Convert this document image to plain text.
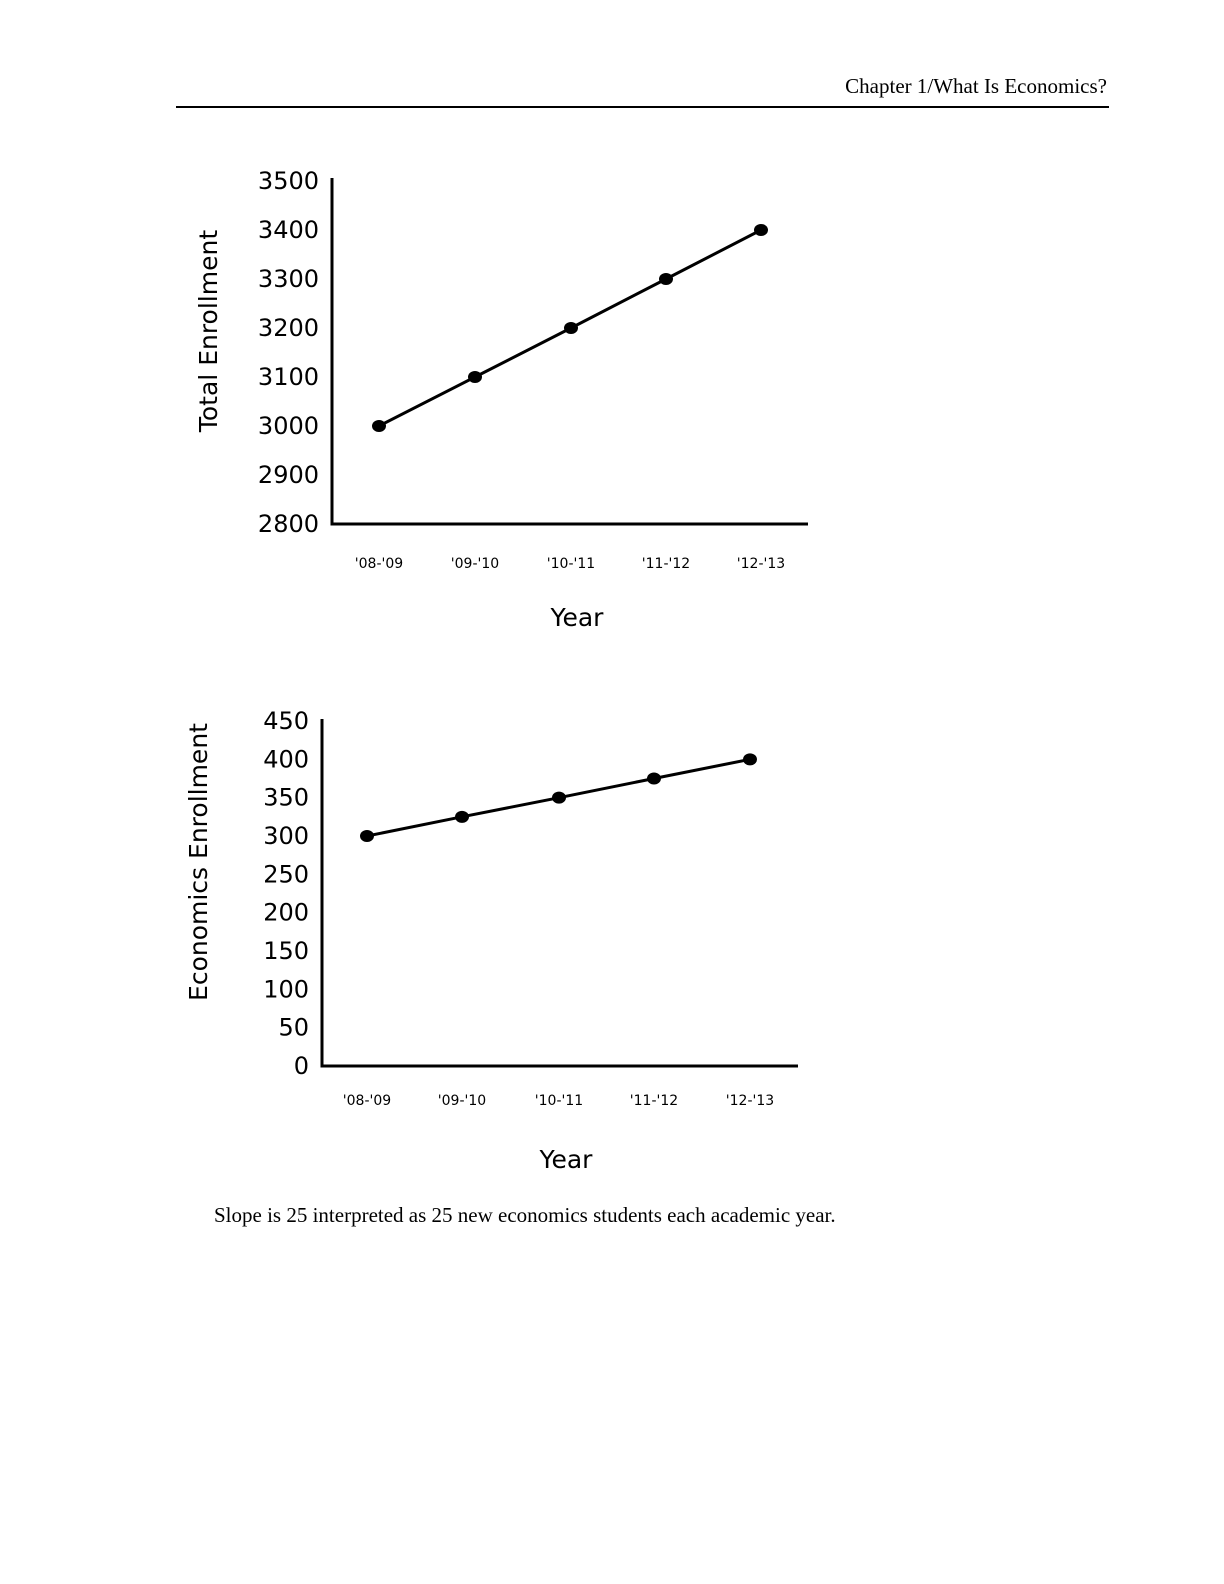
Chapter 1/What Is Economics?
2800
2900
3000
3100
3200
3300
3400
3500
'08-'09	'09-'10	'10-'11	'11-'12	'12-'13
Year
Total Enrollment
0
50
100
150
200
250
300
350
400
450
'08-'09	'09-'10	'10-'11	'11-'12	'12-'13
Year
Economics Enrollment
Slope is 25 interpreted as 25 new economics students each academic year.
